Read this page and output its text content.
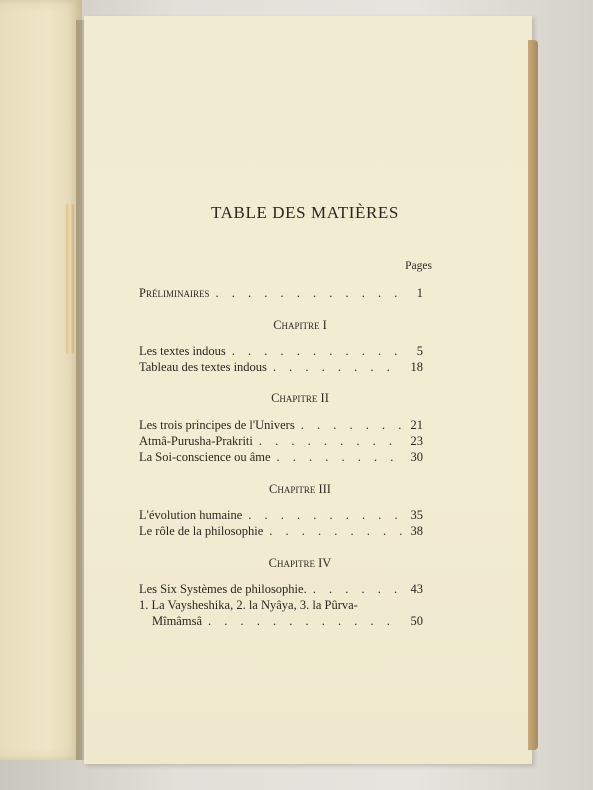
TABLE DES MATIÈRES
Pages
Préliminaires . . .	1
Chapitre I
Les textes indous . . .	5
Tableau des textes indous . . .	18
Chapitre II
Les trois principes de l'Univers . . .	21
Atmâ-Purusha-Prakriti . . .	23
La Soi-conscience ou âme . . .	30
Chapitre III
L'évolution humaine . . .	35
Le rôle de la philosophie . . .	38
Chapitre IV
Les Six Systèmes de philosophie. . . .	43
1. La Vaysheshika, 2. la Nyâya, 3. la Pûrva-
Mîmâmsâ . . .	50
